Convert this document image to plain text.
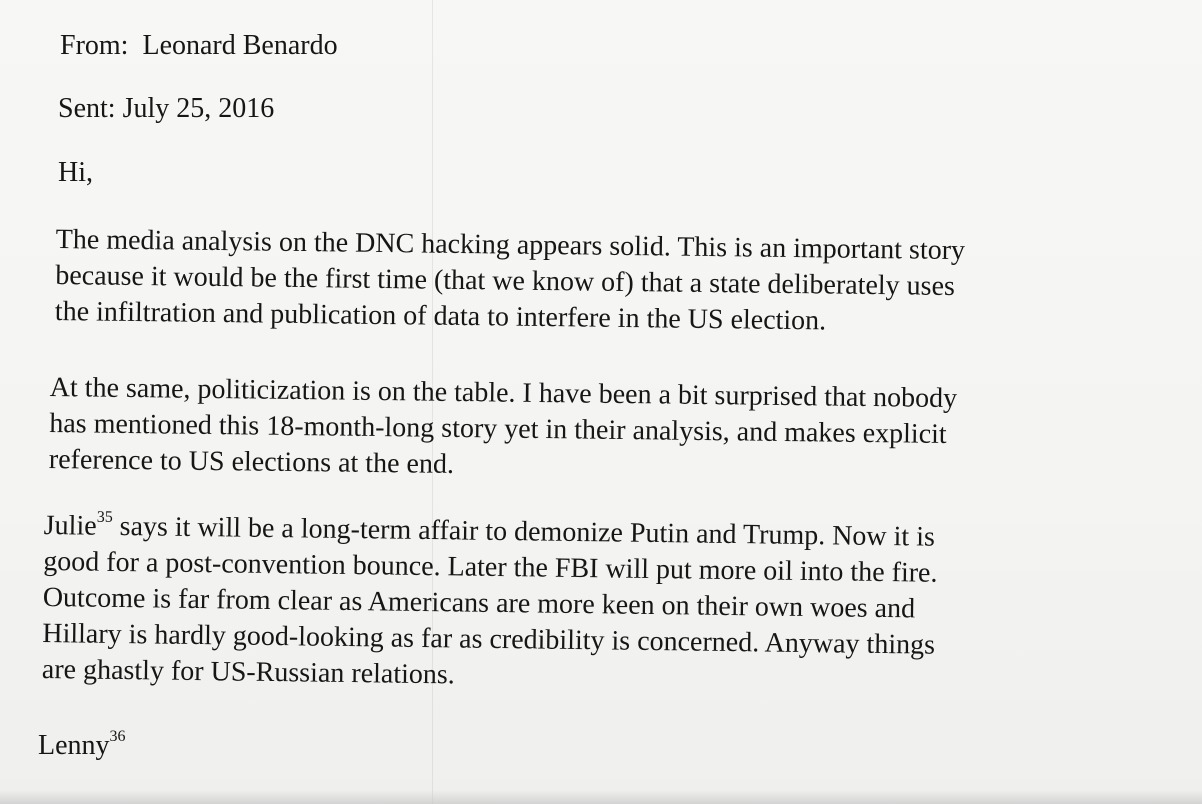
From: Leonard Benardo
Sent: July 25, 2016
Hi,
The media analysis on the DNC hacking appears solid. This is an important story
because it would be the first time (that we know of) that a state deliberately uses
the infiltration and publication of data to interfere in the US election.
At the same, politicization is on the table. I have been a bit surprised that nobody
has mentioned this 18-month-long story yet in their analysis, and makes explicit
reference to US elections at the end.
Julie$^{35}$ says it will be a long-term affair to demonize Putin and Trump. Now it is
good for a post-convention bounce. Later the FBI will put more oil into the fire.
Outcome is far from clear as Americans are more keen on their own woes and
Hillary is hardly good-looking as far as credibility is concerned. Anyway things
are ghastly for US-Russian relations.
Lenny$^{36}$
